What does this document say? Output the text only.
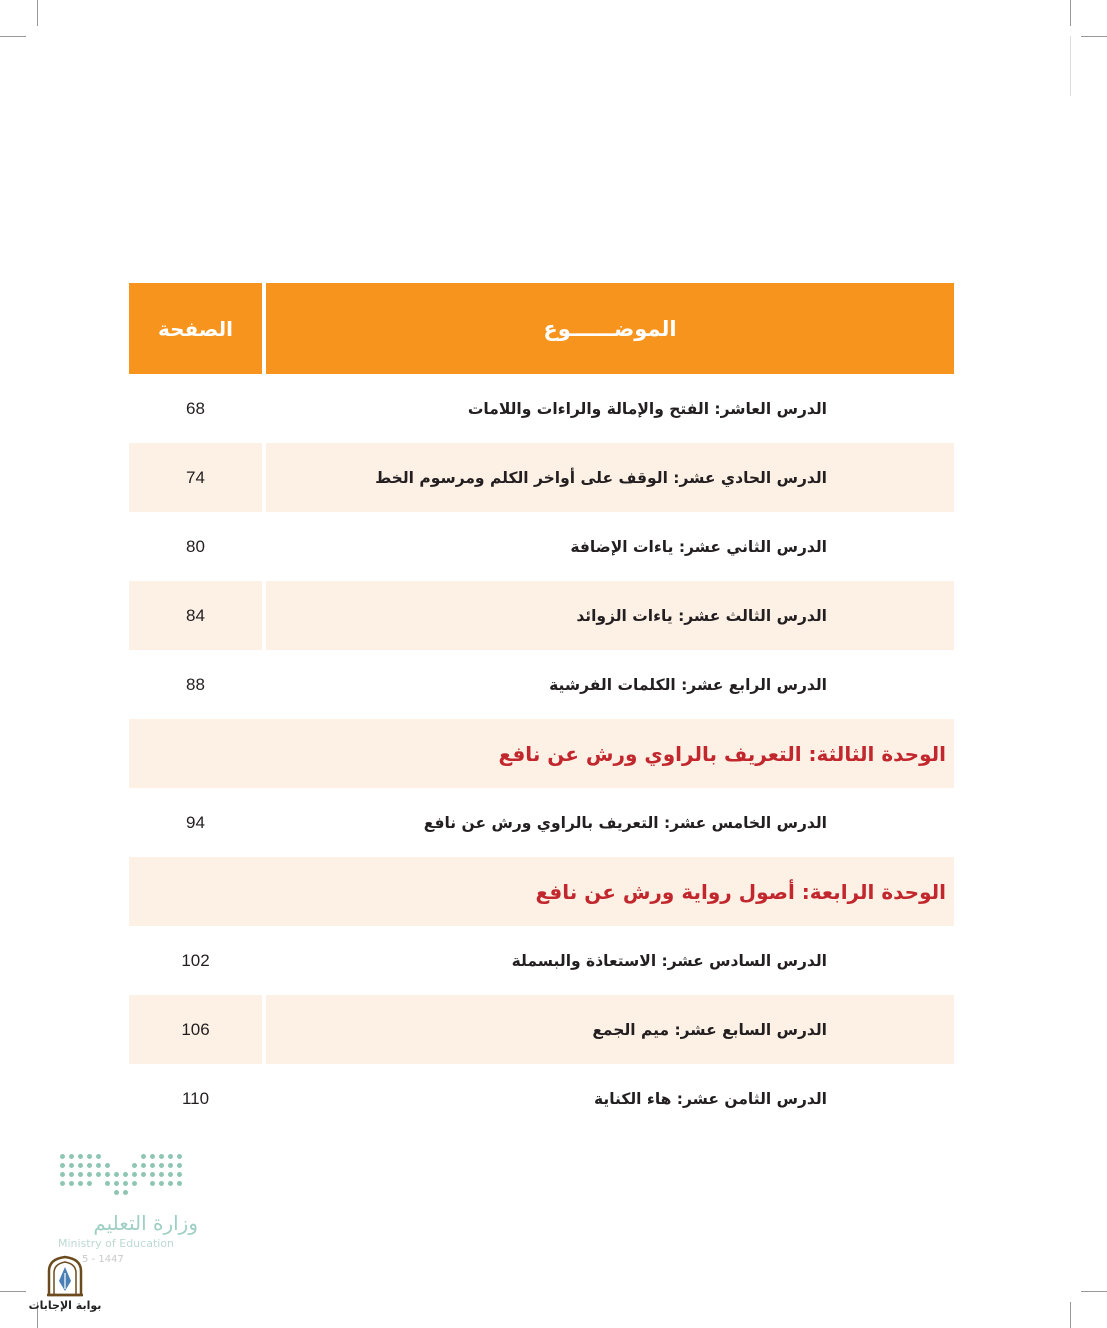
الموضــــــوع
الصفحة
الدرس العاشر: الفتح والإمالة والراءات واللامات
68
الدرس الحادي عشر: الوقف على أواخر الكلم ومرسوم الخط
74
الدرس الثاني عشر: ياءات الإضافة
80
الدرس الثالث عشر: ياءات الزوائد
84
الدرس الرابع عشر: الكلمات الفرشية
88
الوحدة الثالثة: التعريف بالراوي ورش عن نافع
الدرس الخامس عشر: التعريف بالراوي ورش عن نافع
94
الوحدة الرابعة: أصول رواية ورش عن نافع
الدرس السادس عشر: الاستعاذة والبسملة
102
الدرس السابع عشر: ميم الجمع
106
الدرس الثامن عشر: هاء الكناية
110
وزارة التعليم
Ministry of Education
5 - 1447
بوابة الإجابات
